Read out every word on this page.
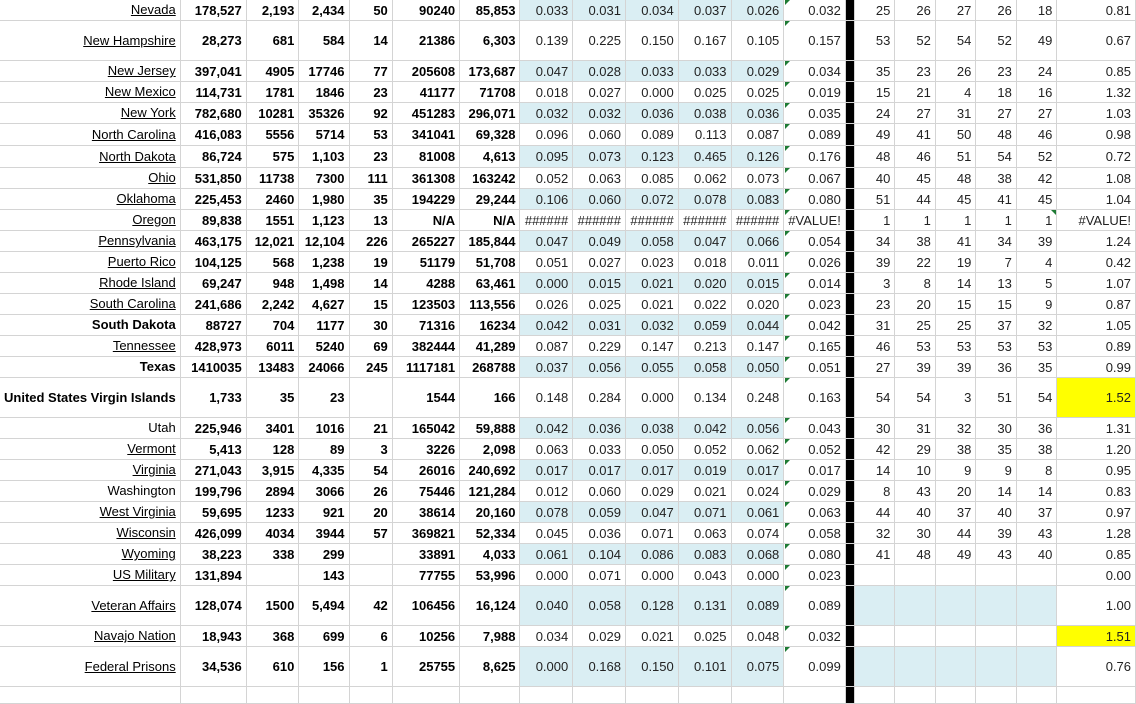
Nevada	178,527	2,193	2,434	50	90240	85,853	0.033	0.031	0.034	0.037	0.026	0.032		25	26	27	26	18	0.81
New Hampshire	28,273	681	584	14	21386	6,303	0.139	0.225	0.150	0.167	0.105	0.157		53	52	54	52	49	0.67
New Jersey	397,041	4905	17746	77	205608	173,687	0.047	0.028	0.033	0.033	0.029	0.034		35	23	26	23	24	0.85
New Mexico	114,731	1781	1846	23	41177	71708	0.018	0.027	0.000	0.025	0.025	0.019		15	21	4	18	16	1.32
New York	782,680	10281	35326	92	451283	296,071	0.032	0.032	0.036	0.038	0.036	0.035		24	27	31	27	27	1.03
North Carolina	416,083	5556	5714	53	341041	69,328	0.096	0.060	0.089	0.113	0.087	0.089		49	41	50	48	46	0.98
North Dakota	86,724	575	1,103	23	81008	4,613	0.095	0.073	0.123	0.465	0.126	0.176		48	46	51	54	52	0.72
Ohio	531,850	11738	7300	111	361308	163242	0.052	0.063	0.085	0.062	0.073	0.067		40	45	48	38	42	1.08
Oklahoma	225,453	2460	1,980	35	194229	29,244	0.106	0.060	0.072	0.078	0.083	0.080		51	44	45	41	45	1.04
Oregon	89,838	1551	1,123	13	N/A	N/A	######	######	######	######	######	#VALUE!		1	1	1	1	1	#VALUE!
Pennsylvania	463,175	12,021	12,104	226	265227	185,844	0.047	0.049	0.058	0.047	0.066	0.054		34	38	41	34	39	1.24
Puerto Rico	104,125	568	1,238	19	51179	51,708	0.051	0.027	0.023	0.018	0.011	0.026		39	22	19	7	4	0.42
Rhode Island	69,247	948	1,498	14	4288	63,461	0.000	0.015	0.021	0.020	0.015	0.014		3	8	14	13	5	1.07
South Carolina	241,686	2,242	4,627	15	123503	113,556	0.026	0.025	0.021	0.022	0.020	0.023		23	20	15	15	9	0.87
South Dakota	88727	704	1177	30	71316	16234	0.042	0.031	0.032	0.059	0.044	0.042		31	25	25	37	32	1.05
Tennessee	428,973	6011	5240	69	382444	41,289	0.087	0.229	0.147	0.213	0.147	0.165		46	53	53	53	53	0.89
Texas	1410035	13483	24066	245	1117181	268788	0.037	0.056	0.055	0.058	0.050	0.051		27	39	39	36	35	0.99
United States Virgin Islands	1,733	35	23		1544	166	0.148	0.284	0.000	0.134	0.248	0.163		54	54	3	51	54	1.52
Utah	225,946	3401	1016	21	165042	59,888	0.042	0.036	0.038	0.042	0.056	0.043		30	31	32	30	36	1.31
Vermont	5,413	128	89	3	3226	2,098	0.063	0.033	0.050	0.052	0.062	0.052		42	29	38	35	38	1.20
Virginia	271,043	3,915	4,335	54	26016	240,692	0.017	0.017	0.017	0.019	0.017	0.017		14	10	9	9	8	0.95
Washington	199,796	2894	3066	26	75446	121,284	0.012	0.060	0.029	0.021	0.024	0.029		8	43	20	14	14	0.83
West Virginia	59,695	1233	921	20	38614	20,160	0.078	0.059	0.047	0.071	0.061	0.063		44	40	37	40	37	0.97
Wisconsin	426,099	4034	3944	57	369821	52,334	0.045	0.036	0.071	0.063	0.074	0.058		32	30	44	39	43	1.28
Wyoming	38,223	338	299		33891	4,033	0.061	0.104	0.086	0.083	0.068	0.080		41	48	49	43	40	0.85
US Military	131,894		143		77755	53,996	0.000	0.071	0.000	0.043	0.000	0.023							0.00
Veteran Affairs	128,074	1500	5,494	42	106456	16,124	0.040	0.058	0.128	0.131	0.089	0.089							1.00
Navajo Nation	18,943	368	699	6	10256	7,988	0.034	0.029	0.021	0.025	0.048	0.032							1.51
Federal Prisons	34,536	610	156	1	25755	8,625	0.000	0.168	0.150	0.101	0.075	0.099							0.76
